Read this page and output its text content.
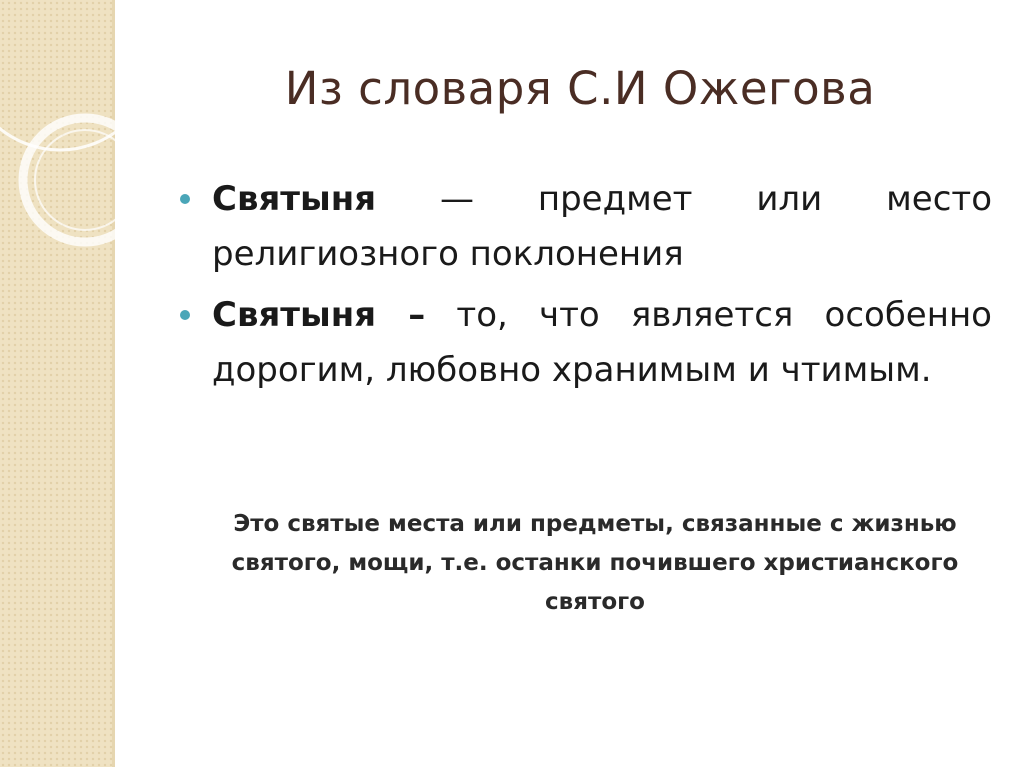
Из словаря С.И Ожегова
Святыня — предмет или место религиозного поклонения
Святыня – то, что является особенно дорогим, любовно хранимым и чтимым.
Это святые места или предметы, связанные с жизнью святого, мощи, т.е. останки почившего христианского святого
